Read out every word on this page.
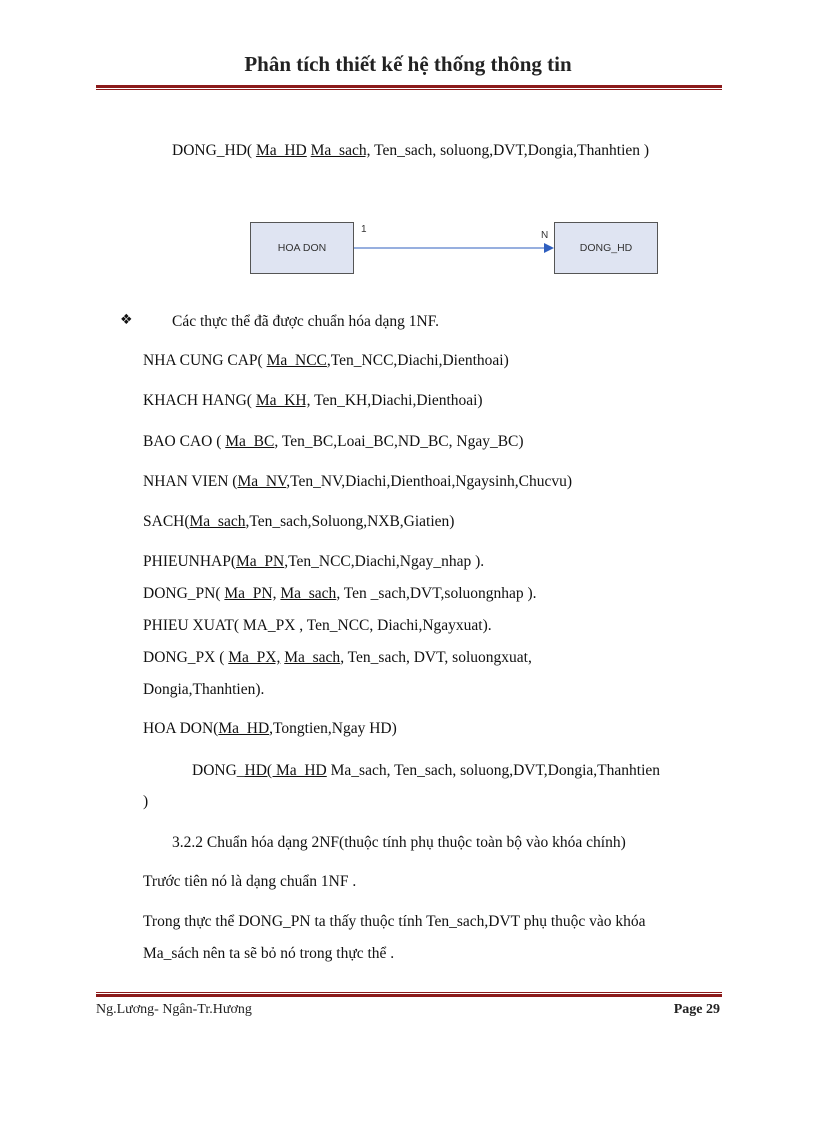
Phân tích thiết kế hệ thống thông tin
DONG_HD( Ma_HD Ma_sach, Ten_sach, soluong,DVT,Dongia,Thanhtien )
HOA DON	DONG_HD
1
N
❖	Các thực thể đã được chuẩn hóa dạng 1NF.
NHA CUNG CAP( Ma_NCC,Ten_NCC,Diachi,Dienthoai)
KHACH HANG( Ma_KH, Ten_KH,Diachi,Dienthoai)
BAO CAO ( Ma_BC, Ten_BC,Loai_BC,ND_BC, Ngay_BC)
NHAN VIEN (Ma_NV,Ten_NV,Diachi,Dienthoai,Ngaysinh,Chucvu)
SACH(Ma_sach,Ten_sach,Soluong,NXB,Giatien)
PHIEUNHAP(Ma_PN,Ten_NCC,Diachi,Ngay_nhap ).
DONG_PN( Ma_PN, Ma_sach, Ten _sach,DVT,soluongnhap ).
PHIEU XUAT( MA_PX , Ten_NCC, Diachi,Ngayxuat).
DONG_PX ( Ma_PX, Ma_sach, Ten_sach, DVT, soluongxuat,
Dongia,Thanhtien).
HOA DON(Ma_HD,Tongtien,Ngay HD)
DONG_HD( Ma_HD Ma_sach, Ten_sach, soluong,DVT,Dongia,Thanhtien
)
3.2.2 Chuẩn hóa dạng 2NF(thuộc tính phụ thuộc toàn bộ vào khóa chính)
Trước tiên nó là dạng chuẩn 1NF .
Trong thực thể DONG_PN ta thấy thuộc tính Ten_sach,DVT phụ thuộc vào khóa
Ma_sách nên ta sẽ bỏ nó trong thực thể .
Ng.Lương- Ngân-Tr.Hương	Page 29
